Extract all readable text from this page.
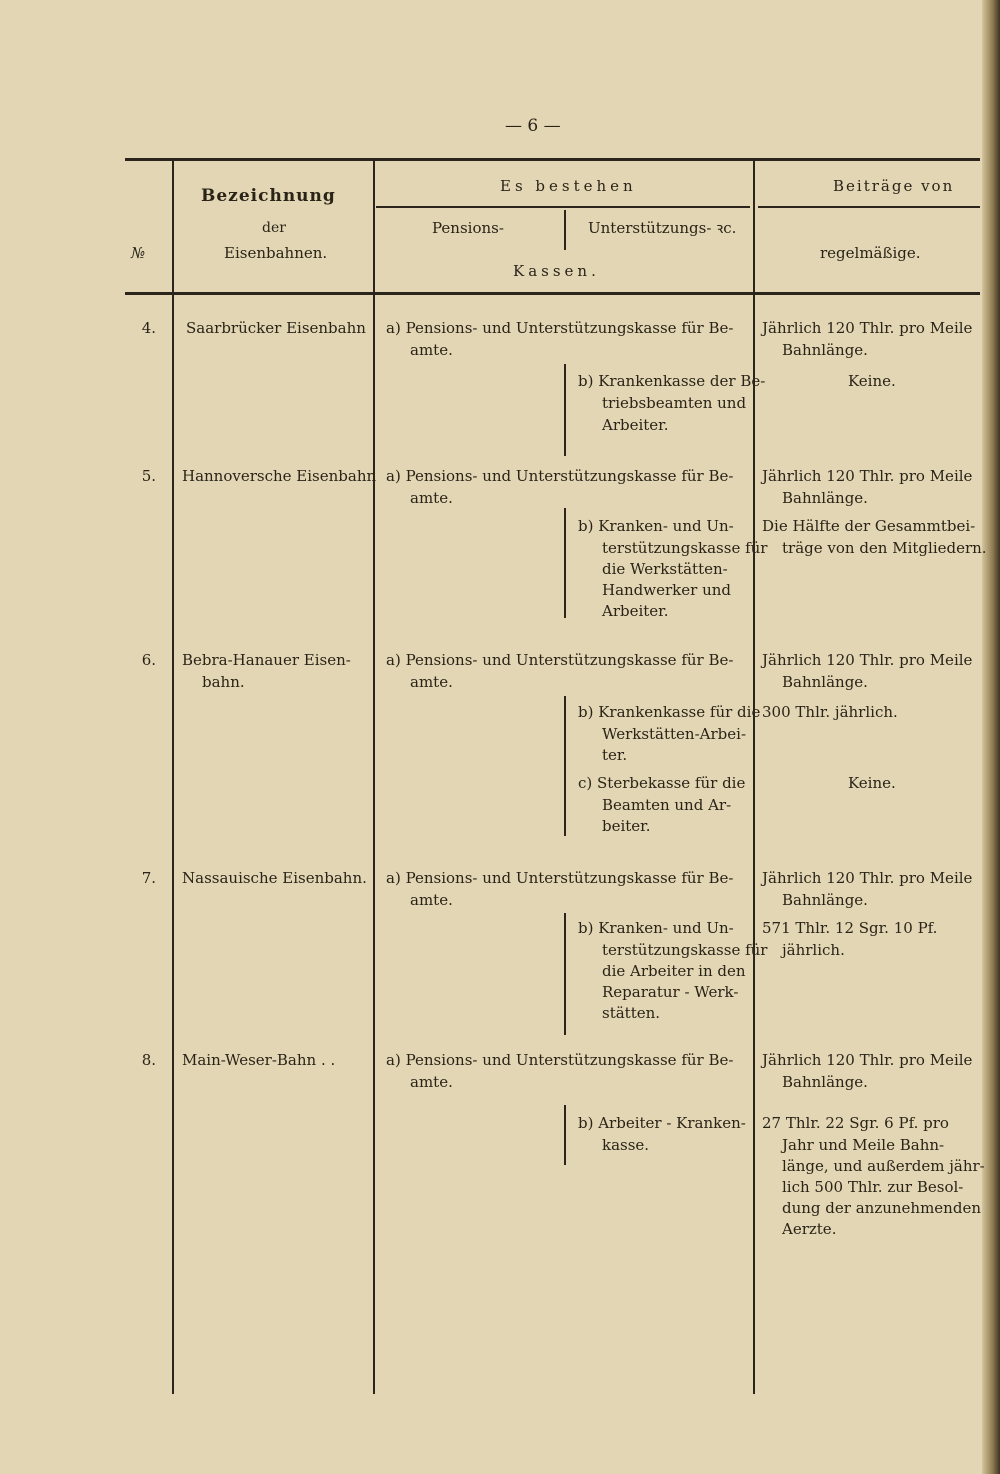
— 6 —
№
Bezeichnung
der
Eisenbahnen.
Es bestehen
Pensions-	Unterstützungs- ꝛc.
Kassen.
Beiträge von
regelmäßige.
4. Saarbrücker Eisenbahn a) Pensions- und Unterstützungskasse für Be-
amte.
b) Krankenkasse der Be-
triebsbeamten und
Arbeiter.
Jährlich 120 Thlr. pro Meile
Bahnlänge.
Keine.
5. Hannoversche Eisenbahn a) Pensions- und Unterstützungskasse für Be-
amte.
b) Kranken- und Un-
terstützungskasse für
die Werkstätten-
Handwerker und
Arbeiter.
Jährlich 120 Thlr. pro Meile
Bahnlänge.
Die Hälfte der Gesammtbei-
träge von den Mitgliedern.
6. Bebra-Hanauer Eisen-
bahn.
a) Pensions- und Unterstützungskasse für Be-
amte.
b) Krankenkasse für die
Werkstätten-Arbei-
ter.
c) Sterbekasse für die
Beamten und Ar-
beiter.
Jährlich 120 Thlr. pro Meile
Bahnlänge.
300 Thlr. jährlich.
Keine.
7. Nassauische Eisenbahn. a) Pensions- und Unterstützungskasse für Be-
amte.
b) Kranken- und Un-
terstützungskasse für
die Arbeiter in den
Reparatur - Werk-
stätten.
Jährlich 120 Thlr. pro Meile
Bahnlänge.
571 Thlr. 12 Sgr. 10 Pf.
jährlich.
8. Main-Weser-Bahn . .	a) Pensions- und Unterstützungskasse für Be-
amte.
b) Arbeiter - Kranken-
kasse.
Jährlich 120 Thlr. pro Meile
Bahnlänge.
27 Thlr. 22 Sgr. 6 Pf. pro
Jahr und Meile Bahn-
länge, und außerdem jähr-
lich 500 Thlr. zur Besol-
dung der anzunehmenden
Aerzte.
